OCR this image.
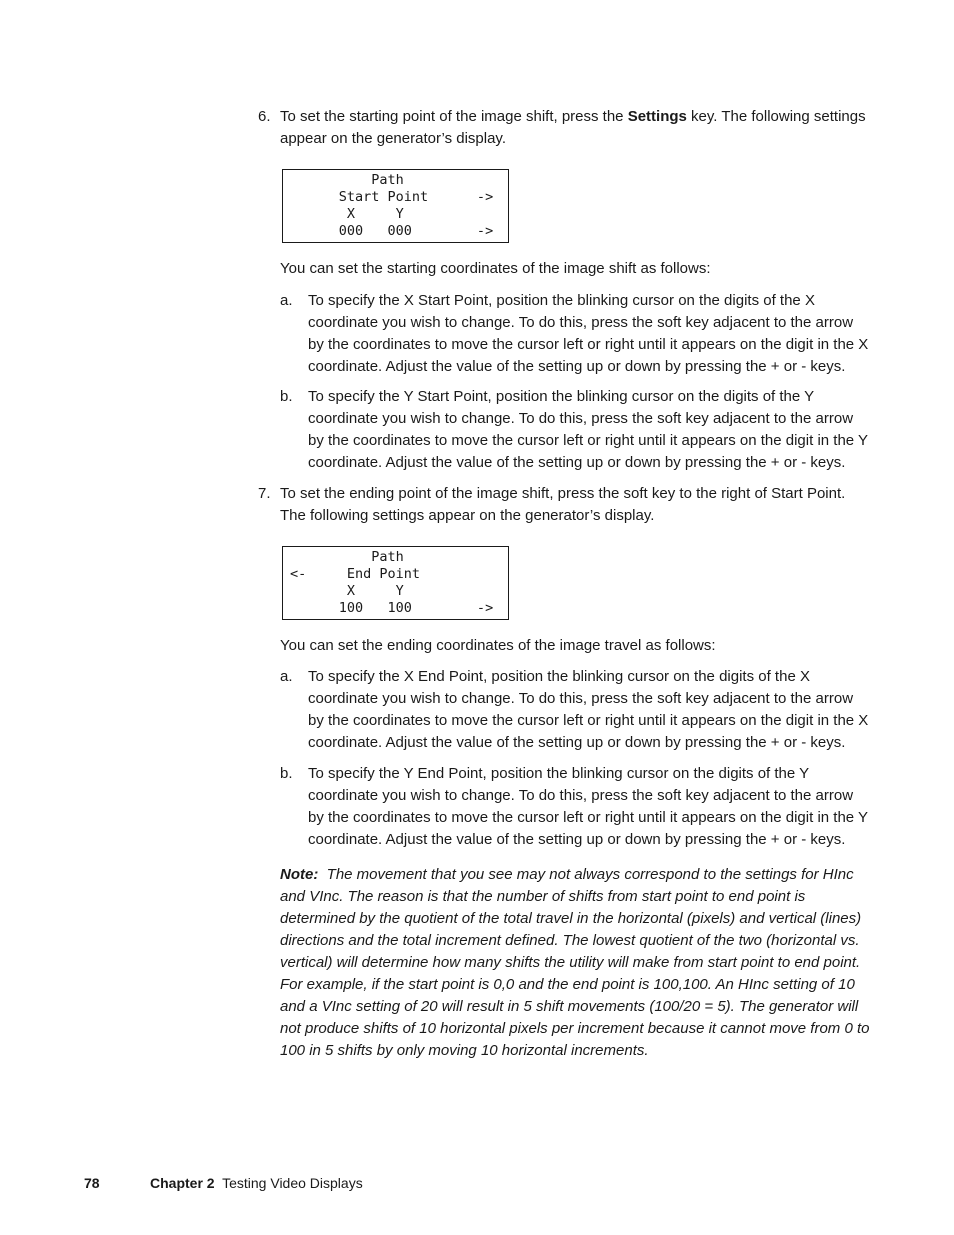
6. To set the starting point of the image shift, press the Settings key. The following settings appear on the generator’s display.
Path
Start Point      ->
X     Y
000   000        ->
You can set the starting coordinates of the image shift as follows:
a. To specify the X Start Point, position the blinking cursor on the digits of the X coordinate you wish to change. To do this, press the soft key adjacent to the arrow by the coordinates to move the cursor left or right until it appears on the digit in the X coordinate. Adjust the value of the setting up or down by pressing the + or - keys.
b. To specify the Y Start Point, position the blinking cursor on the digits of the Y coordinate you wish to change. To do this, press the soft key adjacent to the arrow by the coordinates to move the cursor left or right until it appears on the digit in the Y coordinate. Adjust the value of the setting up or down by pressing the + or - keys.
7. To set the ending point of the image shift, press the soft key to the right of Start Point. The following settings appear on the generator’s display.
Path
<-     End Point
X     Y
100   100        ->
You can set the ending coordinates of the image travel as follows:
a. To specify the X End Point, position the blinking cursor on the digits of the X coordinate you wish to change. To do this, press the soft key adjacent to the arrow by the coordinates to move the cursor left or right until it appears on the digit in the X coordinate. Adjust the value of the setting up or down by pressing the + or - keys.
b. To specify the Y End Point, position the blinking cursor on the digits of the Y coordinate you wish to change. To do this, press the soft key adjacent to the arrow by the coordinates to move the cursor left or right until it appears on the digit in the Y coordinate. Adjust the value of the setting up or down by pressing the + or - keys.
Note: The movement that you see may not always correspond to the settings for HInc and VInc. The reason is that the number of shifts from start point to end point is determined by the quotient of the total travel in the horizontal (pixels) and vertical (lines) directions and the total increment defined. The lowest quotient of the two (horizontal vs. vertical) will determine how many shifts the utility will make from start point to end point. For example, if the start point is 0,0 and the end point is 100,100. An HInc setting of 10 and a VInc setting of 20 will result in 5 shift movements (100/20 = 5). The generator will not produce shifts of 10 horizontal pixels per increment because it cannot move from 0 to 100 in 5 shifts by only moving 10 horizontal increments.
78	Chapter 2 Testing Video Displays
